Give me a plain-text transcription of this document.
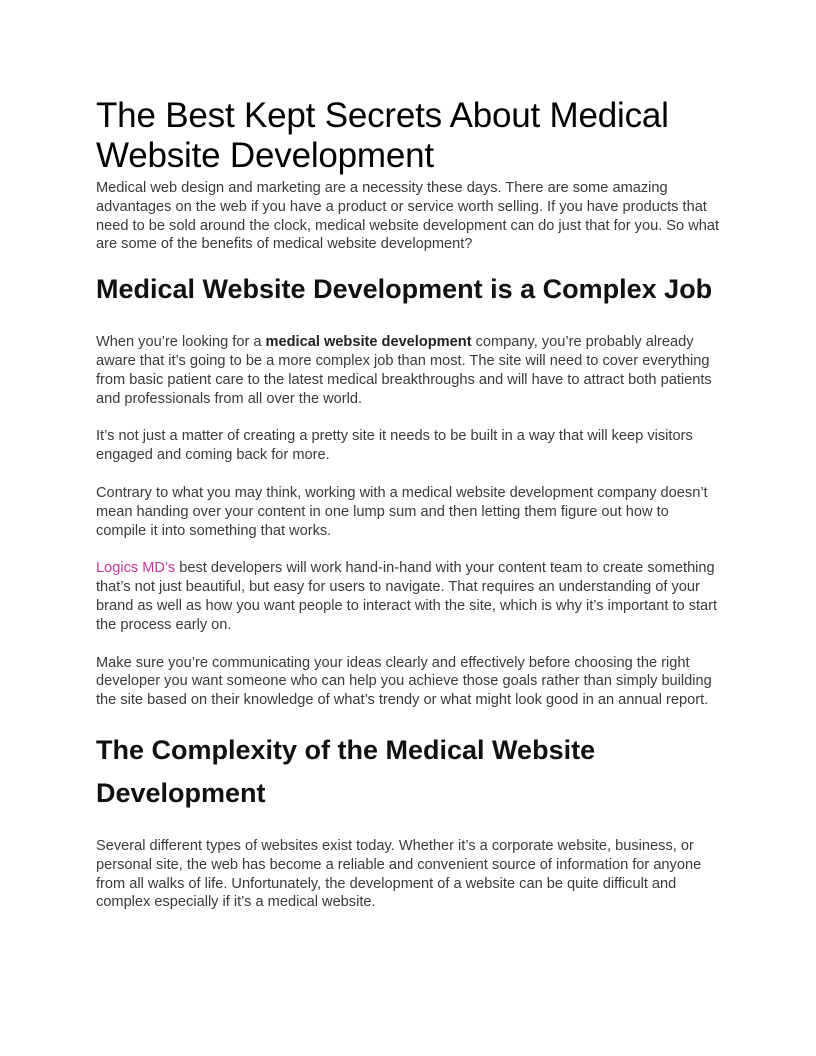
The Best Kept Secrets About Medical Website Development

Medical web design and marketing are a necessity these days. There are some amazing advantages on the web if you have a product or service worth selling. If you have products that need to be sold around the clock, medical website development can do just that for you. So what are some of the benefits of medical website development?

Medical Website Development is a Complex Job

When you’re looking for a medical website development company, you’re probably already aware that it’s going to be a more complex job than most. The site will need to cover everything from basic patient care to the latest medical breakthroughs and will have to attract both patients and professionals from all over the world.

It’s not just a matter of creating a pretty site it needs to be built in a way that will keep visitors engaged and coming back for more.

Contrary to what you may think, working with a medical website development company doesn’t mean handing over your content in one lump sum and then letting them figure out how to compile it into something that works.

Logics MD’s best developers will work hand-in-hand with your content team to create something that’s not just beautiful, but easy for users to navigate. That requires an understanding of your brand as well as how you want people to interact with the site, which is why it’s important to start the process early on.

Make sure you’re communicating your ideas clearly and effectively before choosing the right developer you want someone who can help you achieve those goals rather than simply building the site based on their knowledge of what’s trendy or what might look good in an annual report.

The Complexity of the Medical Website Development

Several different types of websites exist today. Whether it’s a corporate website, business, or personal site, the web has become a reliable and convenient source of information for anyone from all walks of life. Unfortunately, the development of a website can be quite difficult and complex especially if it’s a medical website.
